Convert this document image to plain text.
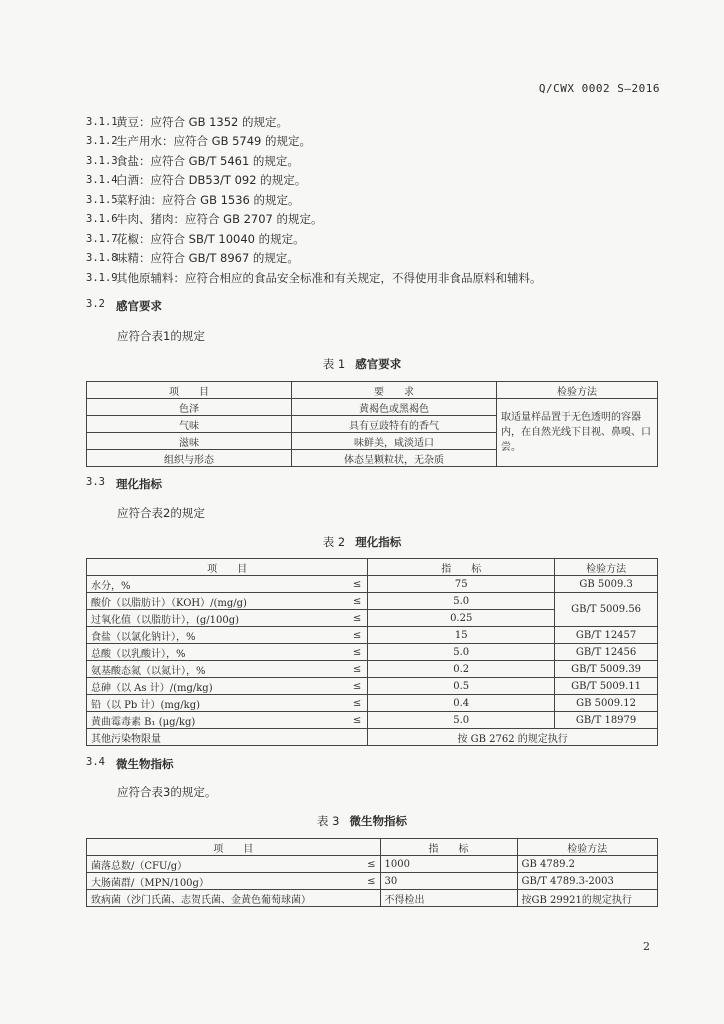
Q/CWX 0002 S—2016
3.1.1
黄豆：应符合 GB 1352 的规定。
3.1.2
生产用水：应符合 GB 5749 的规定。
3.1.3
食盐：应符合 GB/T 5461 的规定。
3.1.4
白酒：应符合 DB53/T 092 的规定。
3.1.5
菜籽油：应符合 GB 1536 的规定。
3.1.6
牛肉、猪肉：应符合 GB 2707 的规定。
3.1.7
花椒：应符合 SB/T 10040 的规定。
3.1.8
味精：应符合 GB/T 8967 的规定。
3.1.9
其他原辅料：应符合相应的食品安全标准和有关规定，不得使用非食品原料和辅料。
3.2 感官要求
应符合表1的规定
表 1 感官要求
项　　目	要　　求	检验方法
色泽	黄褐色或黑褐色	取适量样品置于无色透明的容器内，在自然光线下目视、鼻嗅、口尝。
气味	具有豆豉特有的香气	
滋味	味鲜美，咸淡适口	
组织与形态	体态呈颗粒状，无杂质	
3.3 理化指标
应符合表2的规定
表 2 理化指标
项　　目		指　　标	检验方法
水分，%	≤	75	GB 5009.3
酸价（以脂肪计）（KOH）/(mg/g)	≤	5.0	GB/T 5009.56
过氧化值（以脂肪计），(g/100g)	≤	0.25	
食盐（以氯化钠计），%	≤	15	GB/T 12457
总酸（以乳酸计），%	≤	5.0	GB/T 12456
氨基酸态氮（以氮计），%	≤	0.2	GB/T 5009.39
总砷（以 As 计）/(mg/kg)	≤	0.5	GB/T 5009.11
铅（以 Pb 计）(mg/kg)	≤	0.4	GB 5009.12
黄曲霉毒素 B₁ (μg/kg)	≤	5.0	GB/T 18979
其他污染物限量		按 GB 2762 的规定执行	
3.4 微生物指标
应符合表3的规定。
表 3 微生物指标
项　　目		指　　标	检验方法
菌落总数/（CFU/g）	≤	1000	GB 4789.2
大肠菌群/（MPN/100g）	≤	30	GB/T 4789.3-2003
致病菌（沙门氏菌、志贺氏菌、金黄色葡萄球菌）		不得检出	按GB 29921的规定执行
2
